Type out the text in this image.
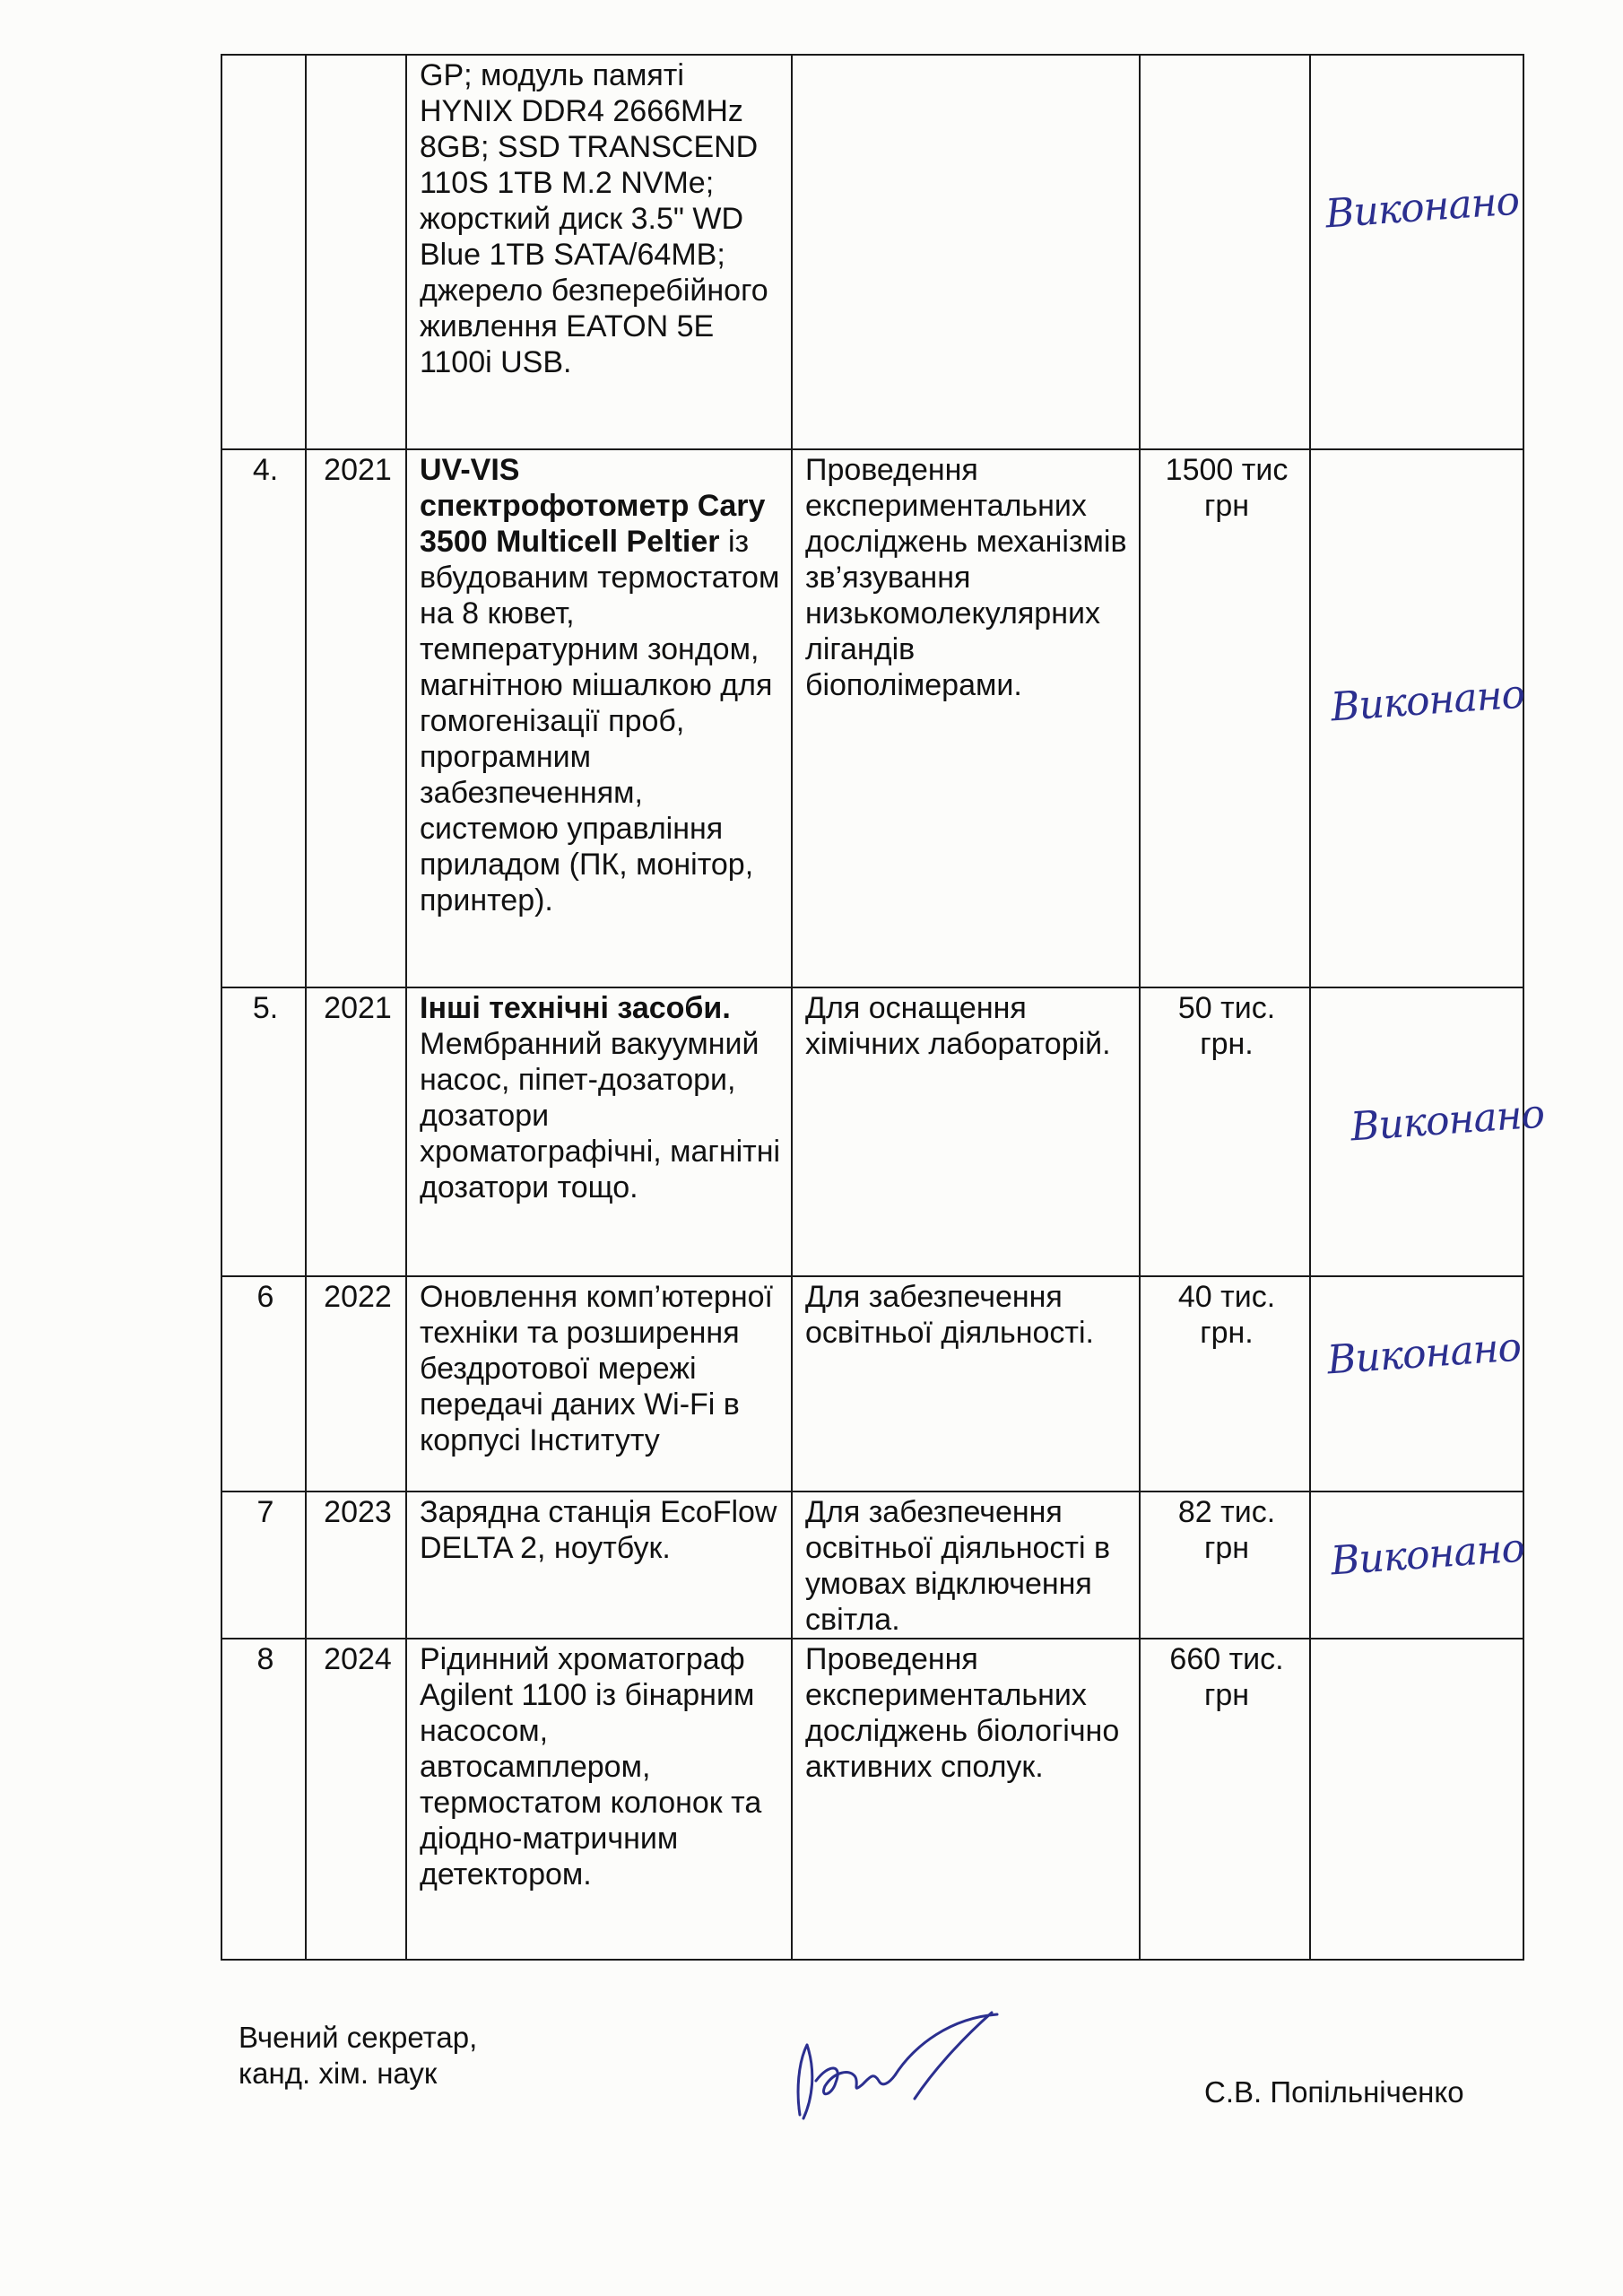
		GP; модуль памяті HYNIX DDR4 2666MHz 8GB; SSD TRANSCEND 110S 1TB M.2 NVMe; жорсткий диск 3.5" WD Blue 1TB SATA/64MB; джерело безперебійного живлення EATON 5E 1100i USB.			Виконано

4.	2021	UV-VIS спектрофотометр Cary 3500 Multicell Peltier із вбудованим термостатом на 8 кювет, температурним зондом, магнітною мішалкою для гомогенізації проб, програмним забезпеченням, системою управління приладом (ПК, монітор, принтер).	Проведення експериментальних досліджень механізмів зв’язування низькомолекулярних лігандів біополімерами.	1500 тис грн	Виконано

5.	2021	Інші технічні засоби. Мембранний вакуумний насос, піпет-дозатори, дозатори хроматографічні, магнітні дозатори тощо.	Для оснащення хімічних лабораторій.	50 тис. грн.	Виконано

6	2022	Оновлення комп’ютерної техніки та розширення бездротової мережі передачі даних Wi-Fi в корпусі Інституту	Для забезпечення освітньої діяльності.	40 тис. грн.	Виконано

7	2023	Зарядна станція EcoFlow DELTA 2, ноутбук.	Для забезпечення освітньої діяльності в умовах відключення світла.	82 тис. грн	Виконано

8	2024	Рідинний хроматограф Agilent 1100 із бінарним насосом, автосамплером, термостатом колонок та діодно-матричним детектором.	Проведення експериментальних досліджень біологічно активних сполук.	660 тис. грн	
Вчений секретар,
канд. хім. наук
С.В. Попільніченко
